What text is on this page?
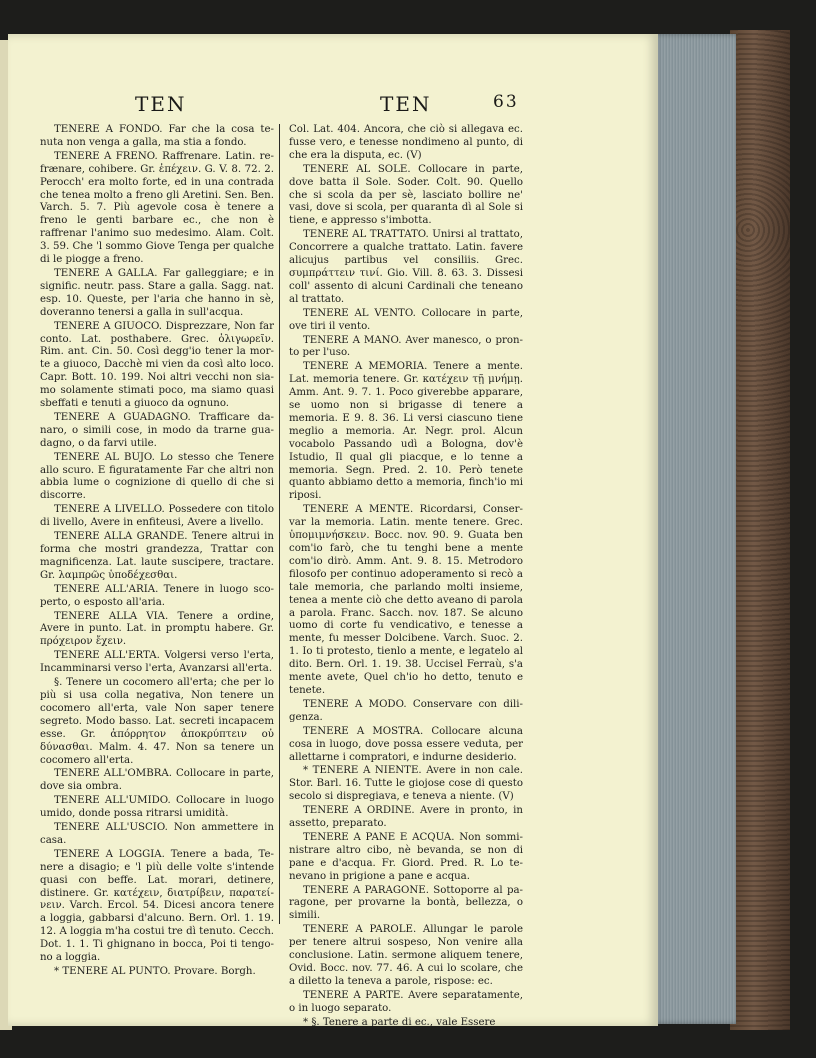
TEN	TEN	63

TENERE A FONDO. Far che la cosa tenuta non venga a galla, ma stia a fondo.

TENERE A FRENO. Raffrenare. Latin. refrænare, cohibere. Gr. ἐπέχειν. G. V. 8. 72. 2. Perocch' era molto forte, ed in una contrada che tenea molto a freno gli Aretini. Sen. Ben. Varch. 5. 7. Più agevole cosa è tenere a freno le genti barbare ec., che non è raffrenar l'animo suo medesimo. Alam. Colt. 3. 59. Che 'l sommo Giove Tenga per qualche di le piogge a freno.

TENERE A GALLA. Far galleggiare; e in signific. neutr. pass. Stare a galla. Sagg. nat. esp. 10. Queste, per l'aria che hanno in sè, doveranno tenersi a galla in sull'acqua.

TENERE A GIUOCO. Disprezzare, Non far conto. Lat. posthabere. Grec. ὀλιγωρεῖν. Rim. ant. Cin. 50. Così degg'io tener la morte a giuoco, Dacchè mi vien da così alto loco. Capr. Bott. 10. 199. Noi altri vecchi non siamo solamente stimati poco, ma siamo quasi sbeffati e tenuti a giuoco da ognuno.

TENERE A GUADAGNO. Trafficare danaro, o simili cose, in modo da trarne guadagno, o da farvi utile.

TENERE AL BUJO. Lo stesso che Tenere allo scuro. E figuratamente Far che altri non abbia lume o cognizione di quello di che si discorre.

TENERE A LIVELLO. Possedere con titolo di livello, Avere in enfiteusi, Avere a livello.

TENERE ALLA GRANDE. Tenere altrui in forma che mostri grandezza, Trattar con magnificenza. Lat. laute suscipere, tractare. Gr. λαμπρῶς ὑποδέχεσθαι.

TENERE ALL'ARIA. Tenere in luogo scoperto, o esposto all'aria.

TENERE ALLA VIA. Tenere a ordine, Avere in punto. Lat. in promptu habere. Gr. πρόχειρον ἔχειν.

TENERE ALL'ERTA. Volgersi verso l'erta, Incamminarsi verso l'erta, Avanzarsi all'erta.

§. Tenere un cocomero all'erta; che per lo più si usa colla negativa, Non tenere un cocomero all'erta, vale Non saper tenere segreto. Modo basso. Lat. secreti incapacem esse. Gr. ἀπόρρητον ἀποκρύπτειν οὐ δύνασθαι. Malm. 4. 47. Non sa tenere un cocomero all'erta.

TENERE ALL'OMBRA. Collocare in parte, dove sia ombra.

TENERE ALL'UMIDO. Collocare in luogo umido, donde possa ritrarsi umidità.

TENERE ALL'USCIO. Non ammettere in casa.

TENERE A LOGGIA. Tenere a bada, Tenere a disagio; e 'l più delle volte s'intende quasi con beffe. Lat. morari, detinere, distinere. Gr. κατέχειν, διατρίβειν, παρατείνειν. Varch. Ercol. 54. Dicesi ancora tenere a loggia, gabbarsi d'alcuno. Bern. Orl. 1. 19. 12. A loggia m'ha costui tre dì tenuto. Cecch. Dot. 1. 1. Ti ghignano in bocca, Poi ti tengono a loggia.

* TENERE AL PUNTO. Provare. Borgh.

Col. Lat. 404. Ancora, che ciò si allegava ec. fusse vero, e tenesse nondimeno al punto, di che era la disputa, ec. (V)

TENERE AL SOLE. Collocare in parte, dove batta il Sole. Soder. Colt. 90. Quello che si scola da per sè, lasciato bollire ne' vasi, dove si scola, per quaranta dì al Sole si tiene, e appresso s'imbotta.

TENERE AL TRATTATO. Unirsi al trattato, Concorrere a qualche trattato. Latin. favere alicujus partibus vel consiliis. Grec. συμπράττειν τινί. Gio. Vill. 8. 63. 3. Dissesi coll' assento di alcuni Cardinali che teneano al trattato.

TENERE AL VENTO. Collocare in parte, ove tiri il vento.

TENERE A MANO. Aver manesco, o pronto per l'uso.

TENERE A MEMORIA. Tenere a mente. Lat. memoria tenere. Gr. κατέχειν τῇ μνήμῃ. Amm. Ant. 9. 7. 1. Poco giverebbe apparare, se uomo non si brigasse di tenere a memoria. E 9. 8. 36. Li versi ciascuno tiene meglio a memoria. Ar. Negr. prol. Alcun vocabolo Passando udì a Bologna, dov'è Istudio, Il qual gli piacque, e lo tenne a memoria. Segn. Pred. 2. 10. Però tenete quanto abbiamo detto a memoria, finch'io mi riposi.

TENERE A MENTE. Ricordarsi, Conservar la memoria. Latin. mente tenere. Grec. ὑπομιμνήσκειν. Bocc. nov. 90. 9. Guata ben com'io farò, che tu tenghi bene a mente com'io dirò. Amm. Ant. 9. 8. 15. Metrodoro filosofo per continuo adoperamento si recò a tale memoria, che parlando molti insieme, tenea a mente ciò che detto aveano di parola a parola. Franc. Sacch. nov. 187. Se alcuno uomo di corte fu vendicativo, e tenesse a mente, fu messer Dolcibene. Varch. Suoc. 2. 1. Io ti protesto, tienlo a mente, e legatelo al dito. Bern. Orl. 1. 19. 38. Uccisel Ferraù, s'a mente avete, Quel ch'io ho detto, tenuto e tenete.

TENERE A MODO. Conservare con diligenza.

TENERE A MOSTRA. Collocare alcuna cosa in luogo, dove possa essere veduta, per allettarne i compratori, e indurne desiderio.

* TENERE A NIENTE. Avere in non cale. Stor. Barl. 16. Tutte le giojose cose di questo secolo si dispregiava, e teneva a niente. (V)

TENERE A ORDINE. Avere in pronto, in assetto, preparato.

TENERE A PANE E ACQUA. Non somministrare altro cibo, nè bevanda, se non di pane e d'acqua. Fr. Giord. Pred. R. Lo tenevano in prigione a pane e acqua.

TENERE A PARAGONE. Sottoporre al paragone, per provarne la bontà, bellezza, o simili.

TENERE A PAROLE. Allungar le parole per tenere altrui sospeso, Non venire alla conclusione. Latin. sermone aliquem tenere, Ovid. Bocc. nov. 77. 46. A cui lo scolare, che a diletto la teneva a parole, rispose: ec.

TENERE A PARTE. Avere separatamente, o in luogo separato.

* §. Tenere a parte di ec., vale Essere
